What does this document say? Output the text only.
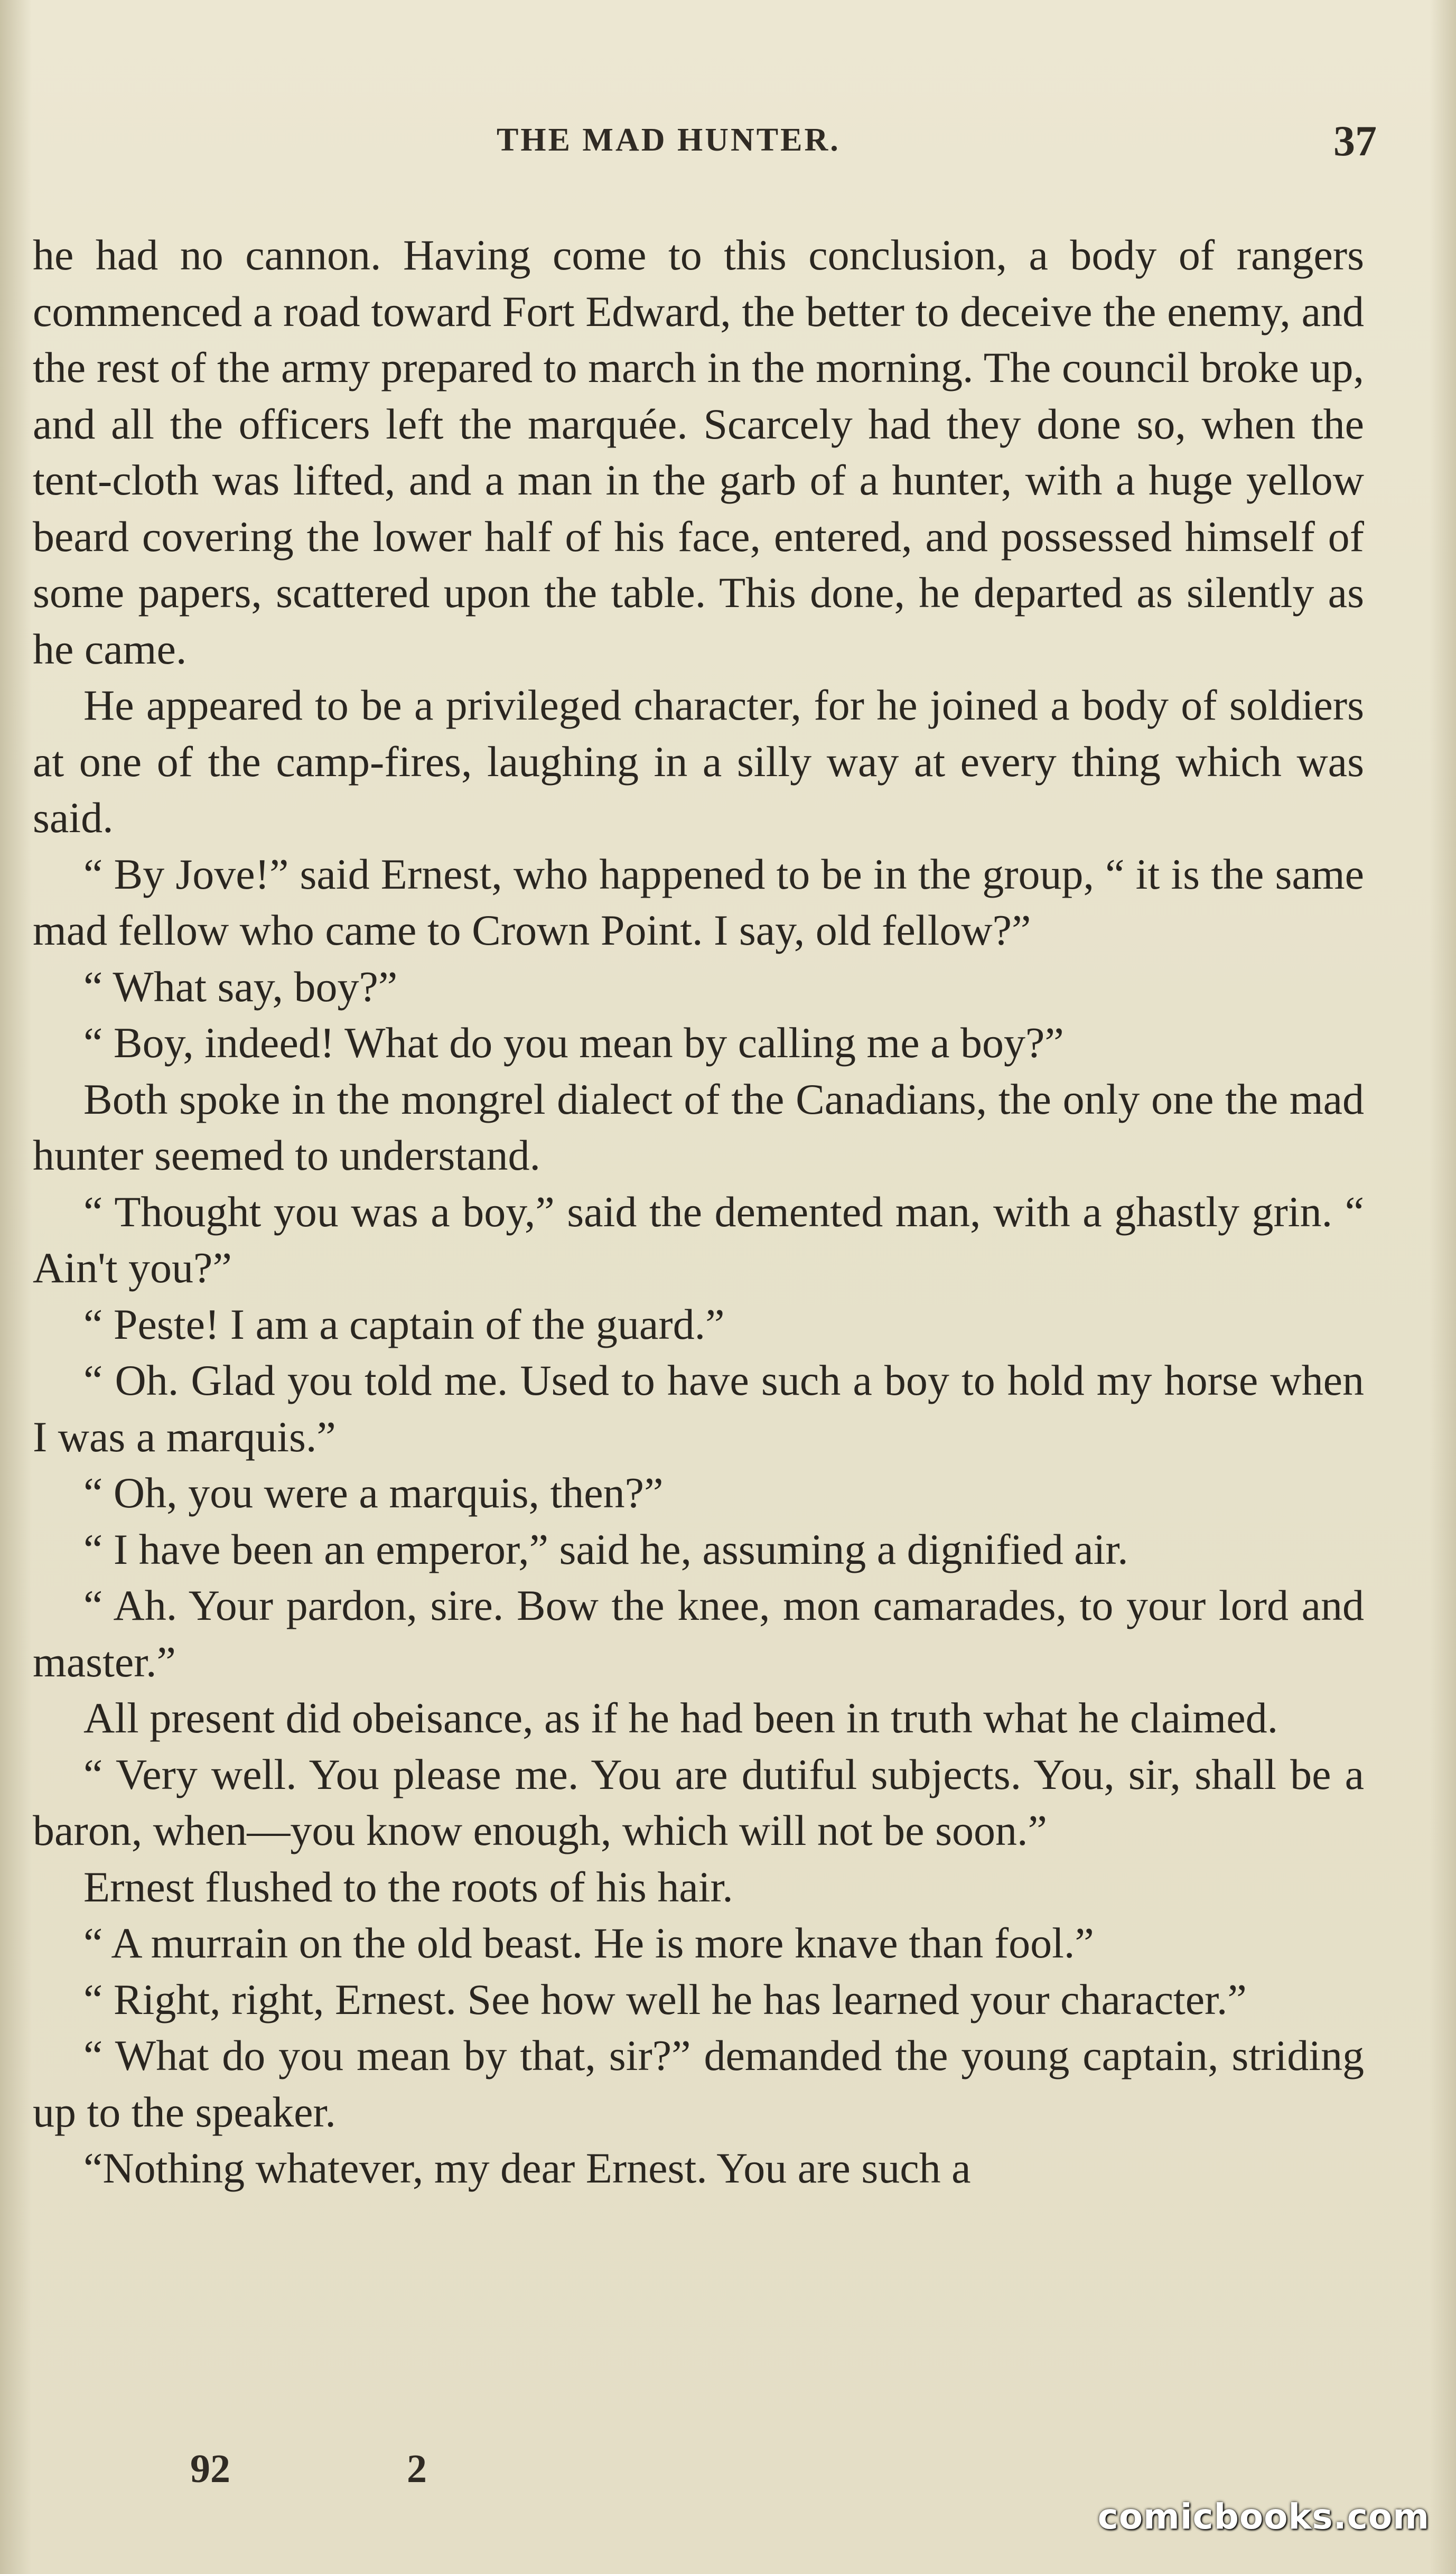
THE MAD HUNTER.	37

he had no cannon. Having come to this conclusion, a body of rangers commenced a road toward Fort Edward, the better to deceive the enemy, and the rest of the army prepared to march in the morning. The council broke up, and all the officers left the marquée. Scarcely had they done so, when the tent-cloth was lifted, and a man in the garb of a hunter, with a huge yellow beard covering the lower half of his face, entered, and possessed himself of some papers, scattered upon the table. This done, he departed as silently as he came.

He appeared to be a privileged character, for he joined a body of soldiers at one of the camp-fires, laughing in a silly way at every thing which was said.

“ By Jove!” said Ernest, who happened to be in the group, “ it is the same mad fellow who came to Crown Point. I say, old fellow?”

“ What say, boy?”

“ Boy, indeed! What do you mean by calling me a boy?”

Both spoke in the mongrel dialect of the Canadians, the only one the mad hunter seemed to understand.

“ Thought you was a boy,” said the demented man, with a ghastly grin. “ Ain't you?”

“ Peste! I am a captain of the guard.”

“ Oh. Glad you told me. Used to have such a boy to hold my horse when I was a marquis.”

“ Oh, you were a marquis, then?”

“ I have been an emperor,” said he, assuming a dignified air.

“ Ah. Your pardon, sire. Bow the knee, mon camarades, to your lord and master.”

All present did obeisance, as if he had been in truth what he claimed.

“ Very well. You please me. You are dutiful subjects. You, sir, shall be a baron, when—you know enough, which will not be soon.”

Ernest flushed to the roots of his hair.

“ A murrain on the old beast. He is more knave than fool.”

“ Right, right, Ernest. See how well he has learned your character.”

“ What do you mean by that, sir?” demanded the young captain, striding up to the speaker.

“Nothing whatever, my dear Ernest. You are such a

92	2
comicbooks.com
